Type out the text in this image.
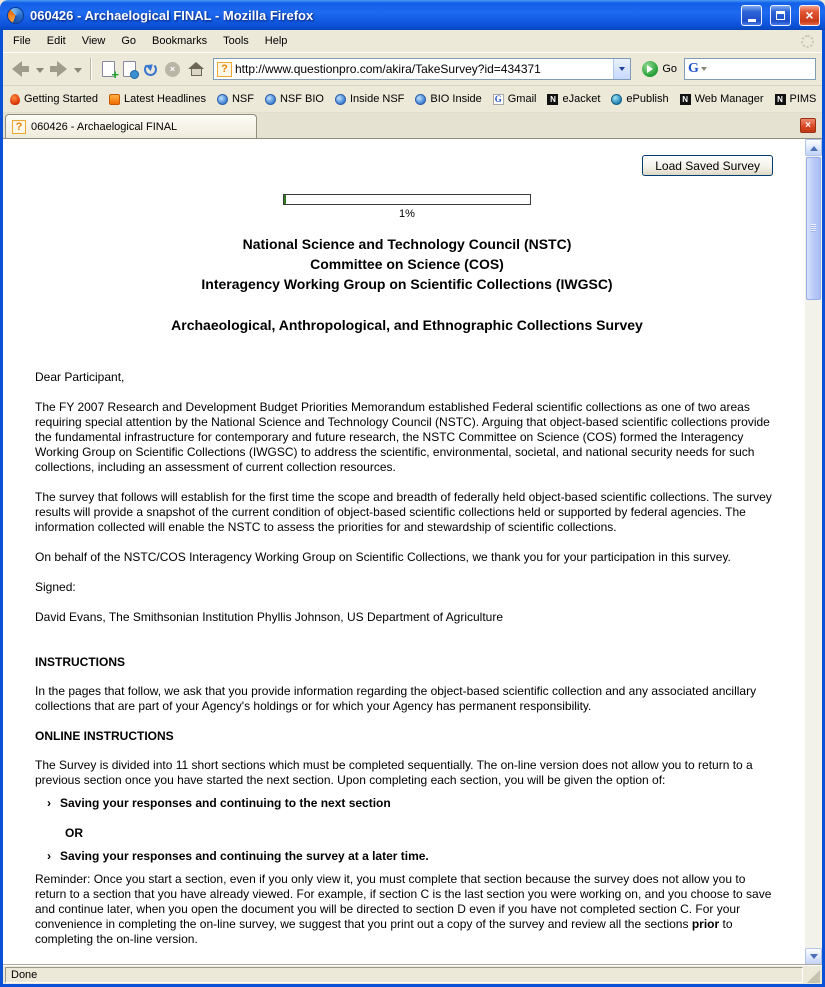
060426 - Archaelogical FINAL - Mozilla Firefox	×
File	Edit	View	Go	Bookmarks	Tools	Help
+
×	?
http://www.questionpro.com/akira/TakeSurvey?id=434371	Go G
Getting Started Latest Headlines NSF NSF BIO Inside NSF BIO Inside G Gmail	N eJacket ePublish	N Web Manager	N PIMS
? 060426 - Archaelogical FINAL	×
Load Saved Survey
1%
National Science and Technology Council (NSTC)
Committee on Science (COS)
Interagency Working Group on Scientific Collections (IWGSC)
Archaeological, Anthropological, and Ethnographic Collections Survey

Dear Participant,

The FY 2007 Research and Development Budget Priorities Memorandum established Federal scientific collections as one of two areas requiring special attention by the National Science and Technology Council (NSTC). Arguing that object-based scientific collections provide the fundamental infrastructure for contemporary and future research, the NSTC Committee on Science (COS) formed the Interagency Working Group on Scientific Collections (IWGSC) to address the scientific, environmental, societal, and national security needs for such collections, including an assessment of current collection resources.

The survey that follows will establish for the first time the scope and breadth of federally held object-based scientific collections. The survey results will provide a snapshot of the current condition of object-based scientific collections held or supported by federal agencies. The information collected will enable the NSTC to assess the priorities for and stewardship of scientific collections.

On behalf of the NSTC/COS Interagency Working Group on Scientific Collections, we thank you for your participation in this survey.

Signed:

David Evans, The Smithsonian Institution Phyllis Johnson, US Department of Agriculture

INSTRUCTIONS

In the pages that follow, we ask that you provide information regarding the object-based scientific collection and any associated ancillary collections that are part of your Agency's holdings or for which your Agency has permanent responsibility.

ONLINE INSTRUCTIONS

The Survey is divided into 11 short sections which must be completed sequentially. The on-line version does not allow you to return to a previous section once you have started the next section. Upon completing each section, you will be given the option of:

› Saving your responses and continuing to the next section
OR
› Saving your responses and continuing the survey at a later time.

Reminder: Once you start a section, even if you only view it, you must complete that section because the survey does not allow you to return to a section that you have already viewed. For example, if section C is the last section you were working on, and you choose to save and continue later, when you open the document you will be directed to section D even if you have not completed section C. For your convenience in completing the on-line survey, we suggest that you print out a copy of the survey and review all the sections prior to completing the on-line version.

Done
